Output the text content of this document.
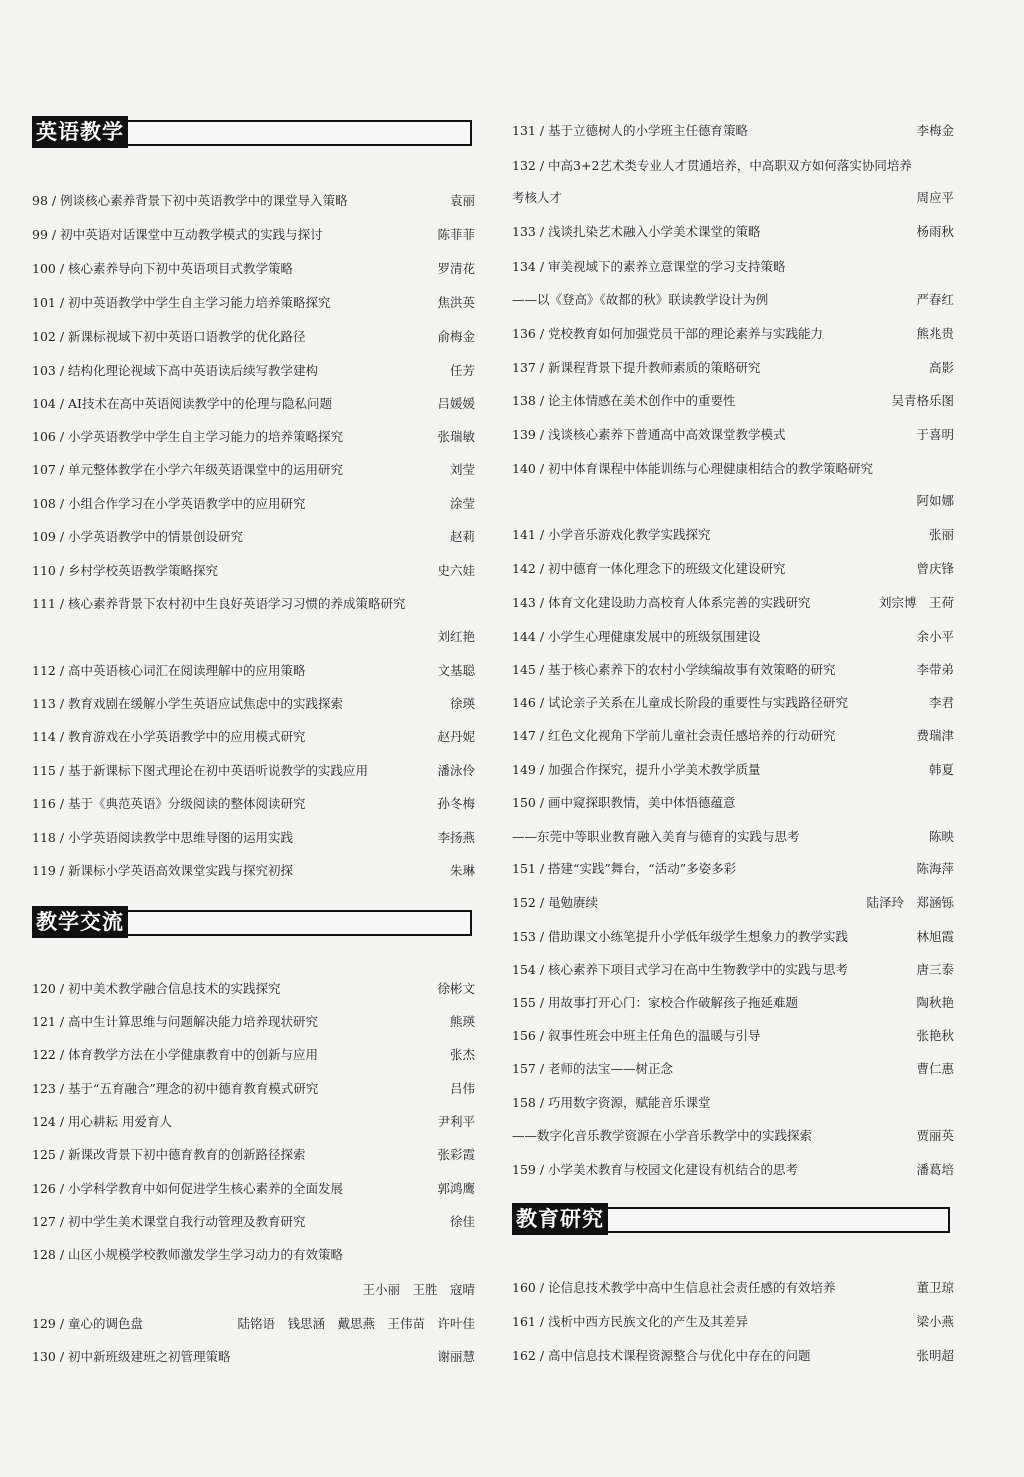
英语教学
教学交流
98 / 例谈核心素养背景下初中英语教学中的课堂导入策略	袁丽
99 / 初中英语对话课堂中互动教学模式的实践与探讨	陈菲菲
100 / 核心素养导向下初中英语项目式教学策略	罗清花
101 / 初中英语教学中学生自主学习能力培养策略探究	焦洪英
102 / 新课标视域下初中英语口语教学的优化路径	俞梅金
103 / 结构化理论视域下高中英语读后续写教学建构	任芳
104 / AI技术在高中英语阅读教学中的伦理与隐私问题	吕媛媛
106 / 小学英语教学中学生自主学习能力的培养策略探究	张瑞敏
107 / 单元整体教学在小学六年级英语课堂中的运用研究	刘莹
108 / 小组合作学习在小学英语教学中的应用研究	涂莹
109 / 小学英语教学中的情景创设研究	赵莉
110 / 乡村学校英语教学策略探究	史六娃
111 / 核心素养背景下农村初中生良好英语学习习惯的养成策略研究
刘红艳
112 / 高中英语核心词汇在阅读理解中的应用策略	文基聪
113 / 教育戏剧在缓解小学生英语应试焦虑中的实践探索	徐瑛
114 / 教育游戏在小学英语教学中的应用模式研究	赵丹妮
115 / 基于新课标下图式理论在初中英语听说教学的实践应用	潘泳伶
116 / 基于《典范英语》分级阅读的整体阅读研究	孙冬梅
118 / 小学英语阅读教学中思维导图的运用实践	李扬燕
119 / 新课标小学英语高效课堂实践与探究初探	朱琳
120 / 初中美术教学融合信息技术的实践探究	徐彬文
121 / 高中生计算思维与问题解决能力培养现状研究	熊瑛
122 / 体育教学方法在小学健康教育中的创新与应用	张杰
123 / 基于“五育融合”理念的初中德育教育模式研究	吕伟
124 / 用心耕耘 用爱育人	尹利平
125 / 新课改背景下初中德育教育的创新路径探索	张彩霞
126 / 小学科学教育中如何促进学生核心素养的全面发展	郭鸿鹰
127 / 初中学生美术课堂自我行动管理及教育研究	徐佳
128 / 山区小规模学校教师激发学生学习动力的有效策略
王小丽　王胜　寇晴
129 / 童心的调色盘	陆铭语　钱思涵　戴思燕　王伟苗　许叶佳
130 / 初中新班级建班之初管理策略	谢丽慧
教育研究
131 / 基于立德树人的小学班主任德育策略	李梅金
132 / 中高3+2艺术类专业人才贯通培养，中高职双方如何落实协同培养
考核人才	周应平
133 / 浅谈扎染艺术融入小学美术课堂的策略	杨雨秋
134 / 审美视域下的素养立意课堂的学习支持策略
——以《登高》《故都的秋》联读教学设计为例	严春红
136 / 党校教育如何加强党员干部的理论素养与实践能力	熊兆贵
137 / 新课程背景下提升教师素质的策略研究	高影
138 / 论主体情感在美术创作中的重要性	吴青格乐图
139 / 浅谈核心素养下普通高中高效课堂教学模式	于喜明
140 / 初中体育课程中体能训练与心理健康相结合的教学策略研究
阿如娜
141 / 小学音乐游戏化教学实践探究	张丽
142 / 初中德育一体化理念下的班级文化建设研究	曾庆锋
143 / 体育文化建设助力高校育人体系完善的实践研究	刘宗博　王荷
144 / 小学生心理健康发展中的班级氛围建设	余小平
145 / 基于核心素养下的农村小学续编故事有效策略的研究	李带弟
146 / 试论亲子关系在儿童成长阶段的重要性与实践路径研究	李君
147 / 红色文化视角下学前儿童社会责任感培养的行动研究	费瑞津
149 / 加强合作探究，提升小学美术教学质量	韩夏
150 / 画中窥探职教情，美中体悟德蕴意
——东莞中等职业教育融入美育与德育的实践与思考	陈映
151 / 搭建“实践”舞台，“活动”多姿多彩	陈海萍
152 / 黾勉赓续	陆泽玲　郑涵铄
153 / 借助课文小练笔提升小学低年级学生想象力的教学实践	林旭霞
154 / 核心素养下项目式学习在高中生物教学中的实践与思考	唐三泰
155 / 用故事打开心门：家校合作破解孩子拖延难题	陶秋艳
156 / 叙事性班会中班主任角色的温暖与引导	张艳秋
157 / 老师的法宝——树正念	曹仁惠
158 / 巧用数字资源，赋能音乐课堂
——数字化音乐教学资源在小学音乐教学中的实践探索	贾丽英
159 / 小学美术教育与校园文化建设有机结合的思考	潘葛培
160 / 论信息技术教学中高中生信息社会责任感的有效培养	董卫琼
161 / 浅析中西方民族文化的产生及其差异	梁小燕
162 / 高中信息技术课程资源整合与优化中存在的问题	张明超
